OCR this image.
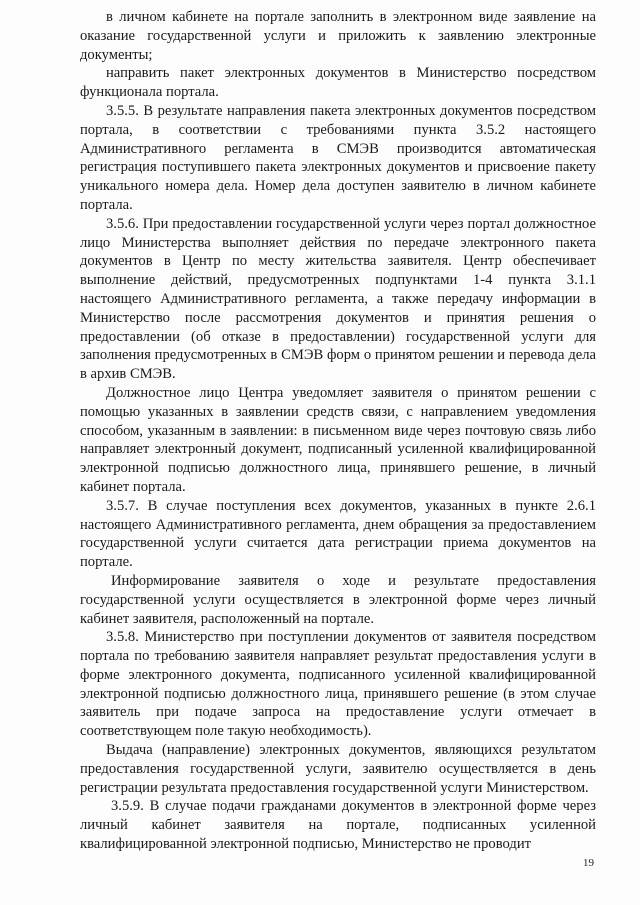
в личном кабинете на портале заполнить в электронном виде заявление на оказание государственной услуги и приложить к заявлению электронные документы;

направить пакет электронных документов в Министерство посредством функционала портала.

3.5.5. В результате направления пакета электронных документов посредством портала, в соответствии с требованиями пункта 3.5.2 настоящего Административного регламента в СМЭВ производится автоматическая регистрация поступившего пакета электронных документов и присвоение пакету уникального номера дела. Номер дела доступен заявителю в личном кабинете портала.

3.5.6. При предоставлении государственной услуги через портал должностное лицо Министерства выполняет действия по передаче электронного пакета документов в Центр по месту жительства заявителя. Центр обеспечивает выполнение действий, предусмотренных подпунктами 1-4 пункта 3.1.1 настоящего Административного регламента, а также передачу информации в Министерство после рассмотрения документов и принятия решения о предоставлении (об отказе в предоставлении) государственной услуги для заполнения предусмотренных в СМЭВ форм о принятом решении и перевода дела в архив СМЭВ.

Должностное лицо Центра уведомляет заявителя о принятом решении с помощью указанных в заявлении средств связи, с направлением уведомления способом, указанным в заявлении: в письменном виде через почтовую связь либо направляет электронный документ, подписанный усиленной квалифицированной электронной подписью должностного лица, принявшего решение, в личный кабинет портала.

3.5.7. В случае поступления всех документов, указанных в пункте 2.6.1 настоящего Административного регламента, днем обращения за предоставлением государственной услуги считается дата регистрации приема документов на портале.

Информирование заявителя о ходе и результате предоставления государственной услуги осуществляется в электронной форме через личный кабинет заявителя, расположенный на портале.

3.5.8. Министерство при поступлении документов от заявителя посредством портала по требованию заявителя направляет результат предоставления услуги в форме электронного документа, подписанного усиленной квалифицированной электронной подписью должностного лица, принявшего решение (в этом случае заявитель при подаче запроса на предоставление услуги отмечает в соответствующем поле такую необходимость).

Выдача (направление) электронных документов, являющихся результатом предоставления государственной услуги, заявителю осуществляется в день регистрации результата предоставления государственной услуги Министерством.

3.5.9. В случае подачи гражданами документов в электронной форме через личный кабинет заявителя на портале, подписанных усиленной квалифицированной электронной подписью, Министерство не проводит

19
